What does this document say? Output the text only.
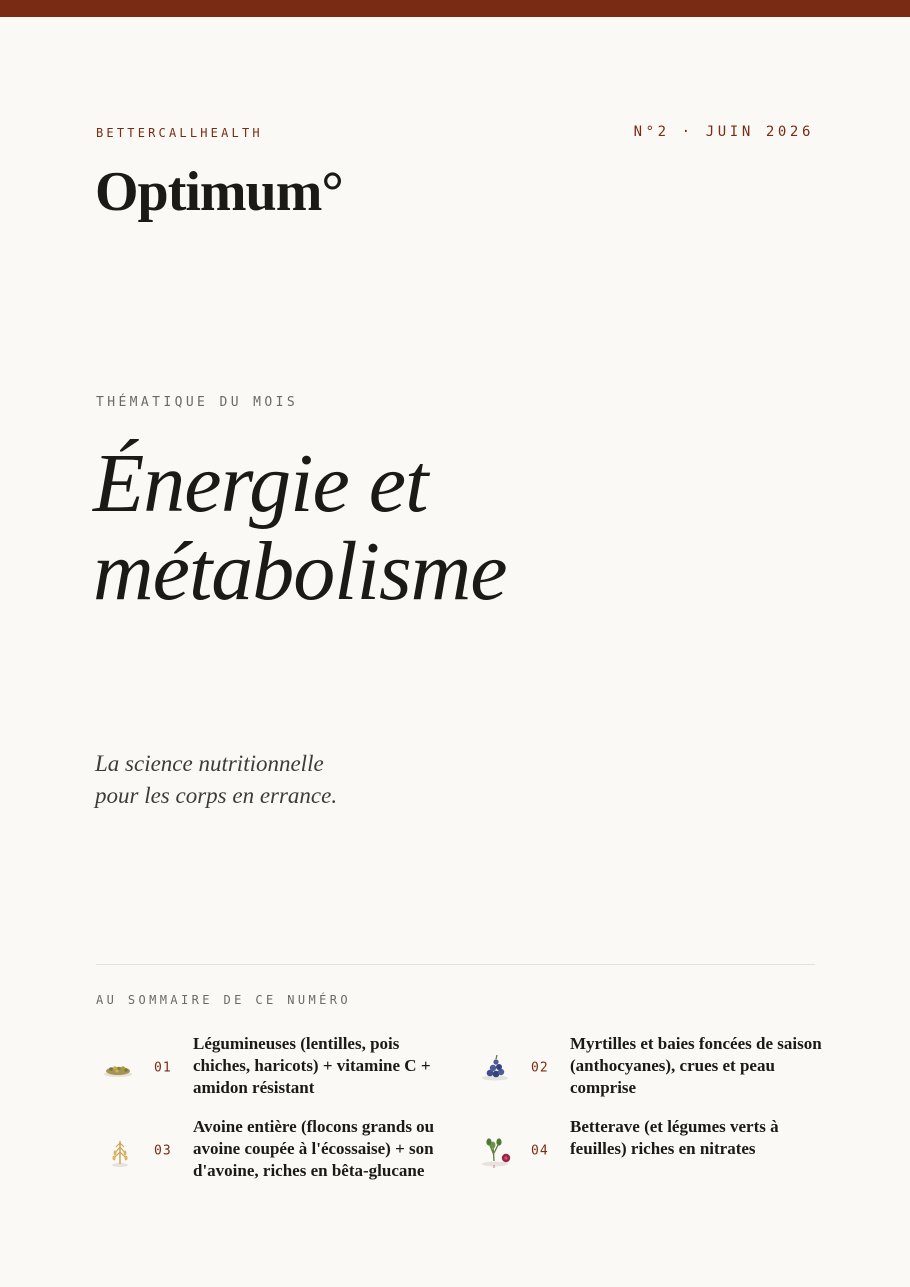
BETTERCALLHEALTH	N°2 · JUIN 2026
Optimum°
THÉMATIQUE DU MOIS
Énergie et
métabolisme
La science nutritionnelle
pour les corps en errance.
AU SOMMAIRE DE CE NUMÉRO
01
Légumineuses (lentilles, pois chiches, haricots) + vitamine C + amidon résistant
02
Myrtilles et baies foncées de saison (anthocyanes), crues et peau comprise
03
Avoine entière (flocons grands ou avoine coupée à l'écossaise) + son d'avoine, riches en bêta-glucane
04
Betterave (et légumes verts à feuilles) riches en nitrates
